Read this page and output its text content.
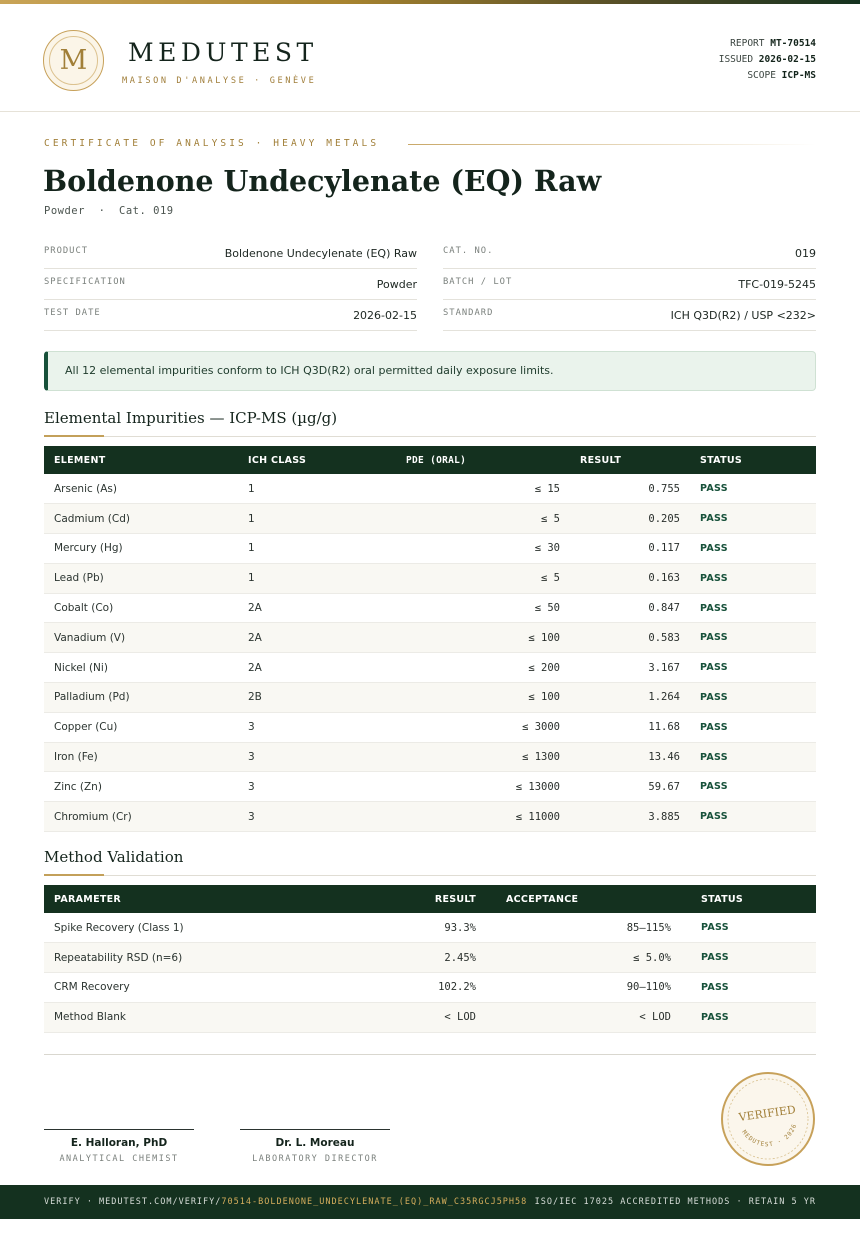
M	MEDUTEST
MAISON D'ANALYSE · GENÈVE
REPORT MT-70514
ISSUED 2026-02-15
SCOPE ICP-MS
CERTIFICATE OF ANALYSIS · HEAVY METALS
Boldenone Undecylenate (EQ) Raw
Powder  ·  Cat. 019
PRODUCT	Boldenone Undecylenate (EQ) Raw
SPECIFICATION	Powder
TEST DATE	2026-02-15
CAT. NO.	019
BATCH / LOT	TFC-019-5245
STANDARD	ICH Q3D(R2) / USP <232>
All 12 elemental impurities conform to ICH Q3D(R2) oral permitted daily exposure limits.
Elemental Impurities — ICP-MS (µg/g)
ELEMENT	ICH CLASS	PDE (ORAL)	RESULT	STATUS
Arsenic (As)	1	≤ 15	0.755	PASS
Cadmium (Cd)	1	≤ 5	0.205	PASS
Mercury (Hg)	1	≤ 30	0.117	PASS
Lead (Pb)	1	≤ 5	0.163	PASS
Cobalt (Co)	2A	≤ 50	0.847	PASS
Vanadium (V)	2A	≤ 100	0.583	PASS
Nickel (Ni)	2A	≤ 200	3.167	PASS
Palladium (Pd)	2B	≤ 100	1.264	PASS
Copper (Cu)	3	≤ 3000	11.68	PASS
Iron (Fe)	3	≤ 1300	13.46	PASS
Zinc (Zn)	3	≤ 13000	59.67	PASS
Chromium (Cr)	3	≤ 11000	3.885	PASS
Method Validation
PARAMETER	RESULT	ACCEPTANCE	STATUS
Spike Recovery (Class 1)	93.3%	85–115%	PASS
Repeatability RSD (n=6)	2.45%	≤ 5.0%	PASS
CRM Recovery	102.2%	90–110%	PASS
Method Blank	< LOD	< LOD	PASS
E. Halloran, PhD
ANALYTICAL CHEMIST
Dr. L. Moreau
LABORATORY DIRECTOR
VERIFIED
MEDUTEST · 2026
VERIFY · MEDUTEST.COM/VERIFY/70514-BOLDENONE_UNDECYLENATE_(EQ)_RAW_C35RGCJ5PH58 ISO/IEC 17025 ACCREDITED METHODS · RETAIN 5 YR
